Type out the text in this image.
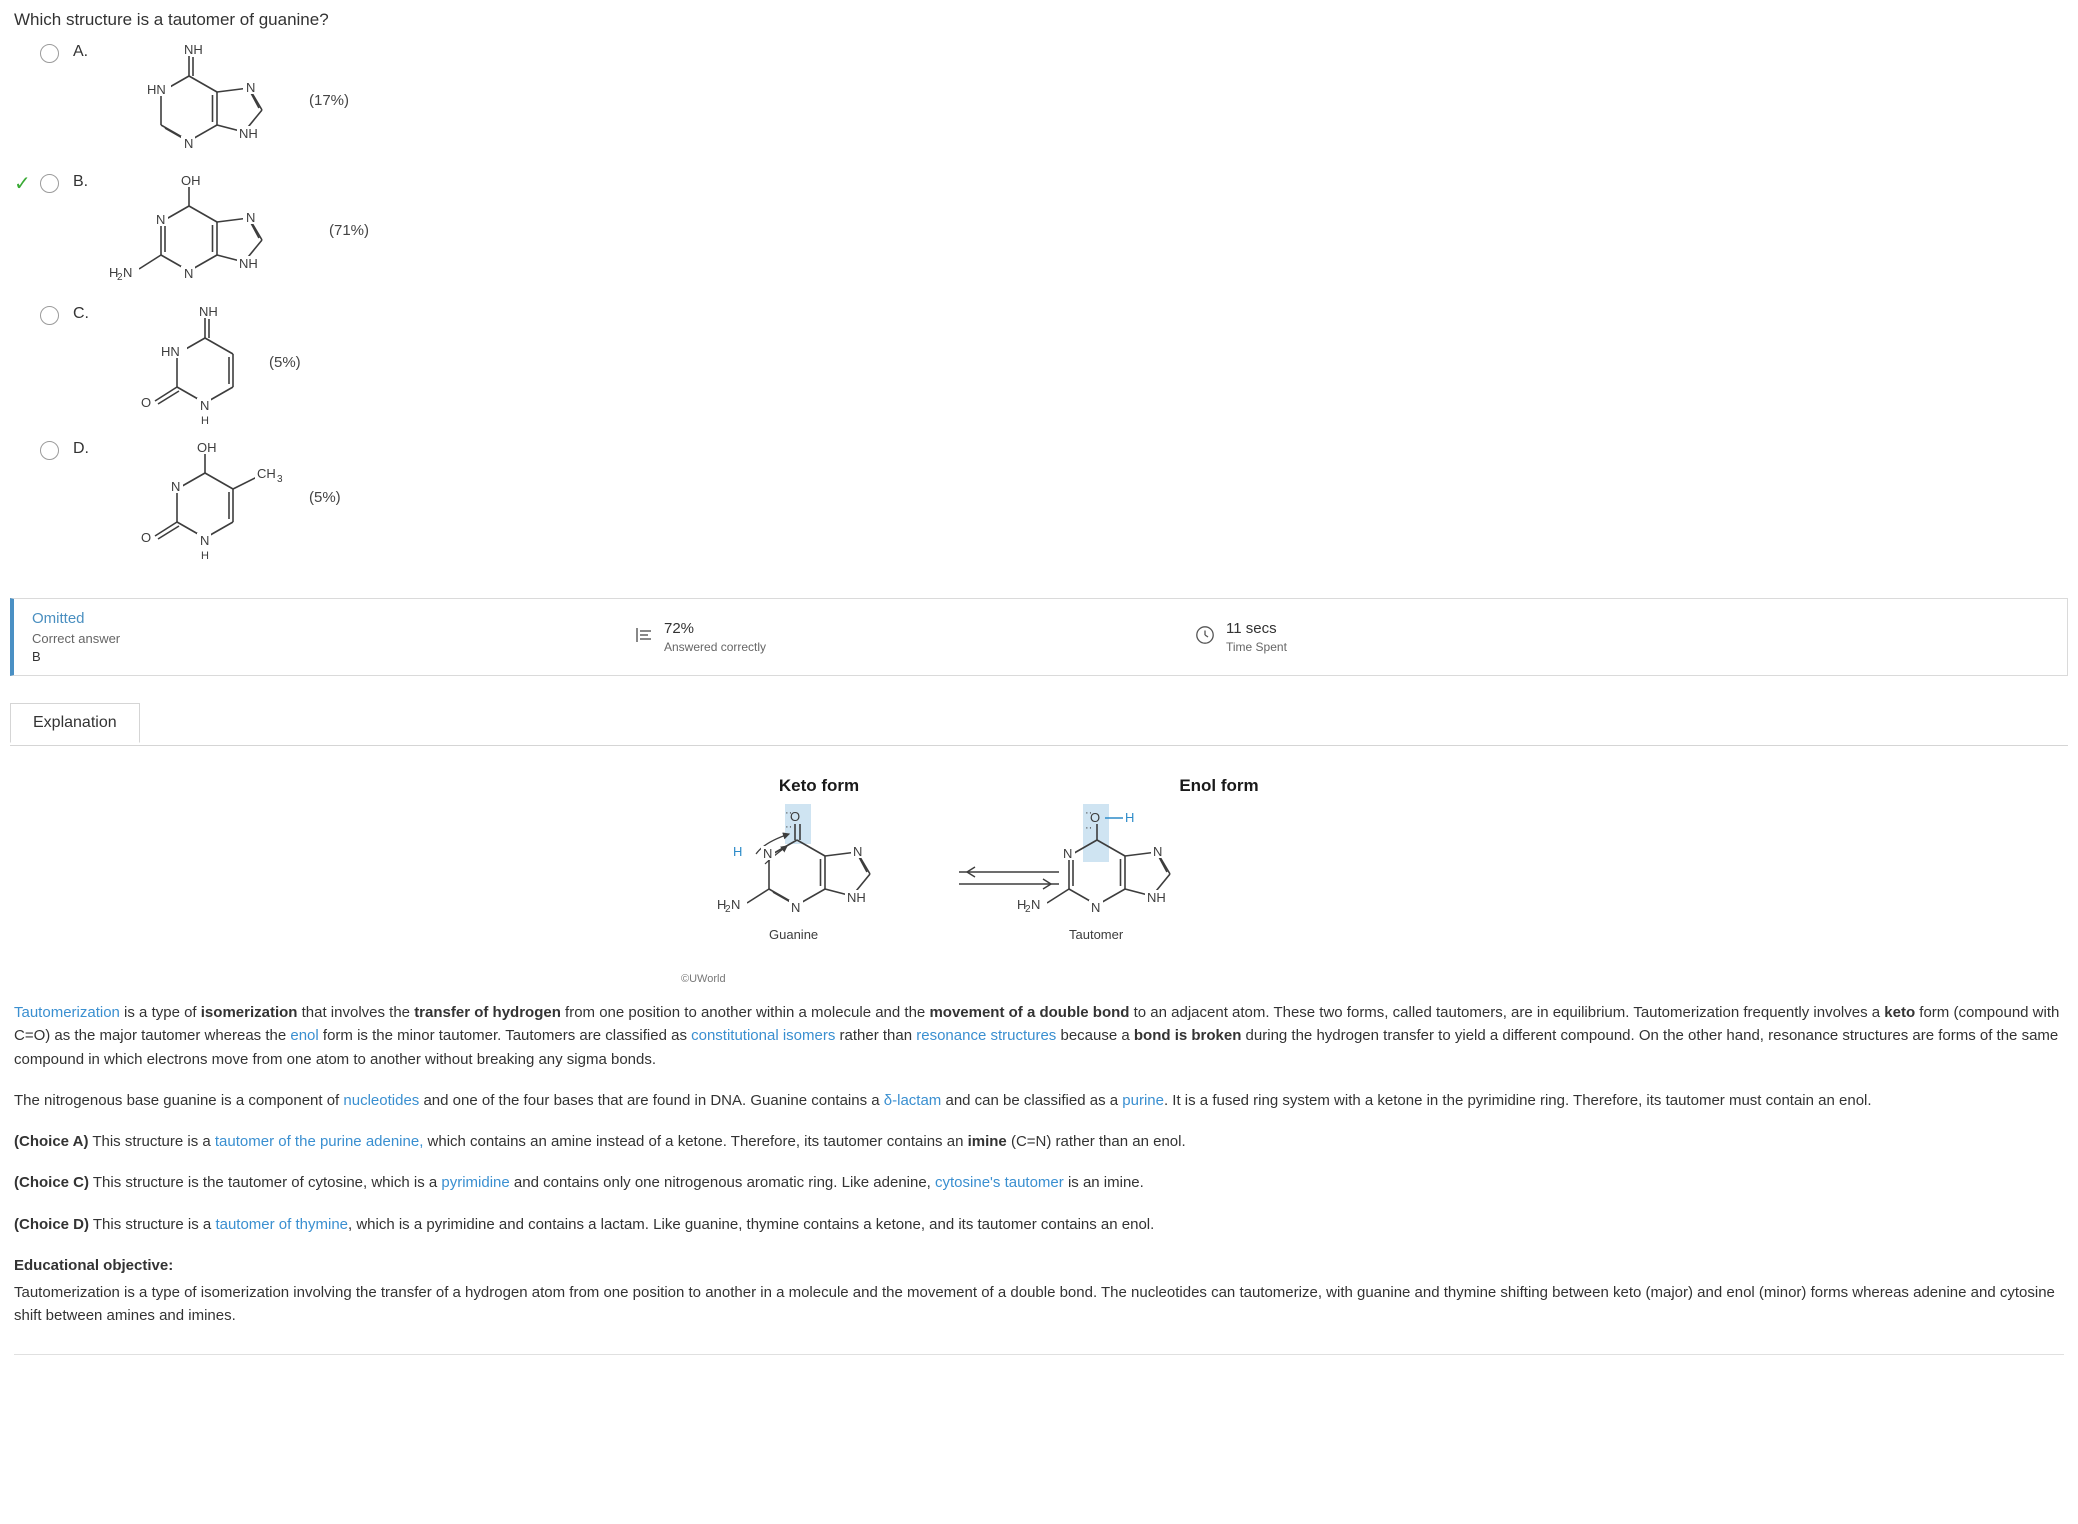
Which structure is a tautomer of guanine?
A.	NH
HN
N
N
NH
(17%)
✓	B.	OH
N
N
N
NH
H
2 N
(71%)
C.	NH
HN
N
H
O
(5%)
D.	OH
N
N
H
O
CH 3
(5%)
Omitted
Correct answer
B
72%
Answered correctly
11 secs
Time Spent
Explanation
Keto form	Enol form
O
··
··
N
N
N
NH
H
2 N
H
Guanine
O
··
··
H
N
N
N
NH
H
2 N
Tautomer
©UWorld

Tautomerization is a type of isomerization that involves the transfer of hydrogen from one position to another within a molecule and the movement of a double bond to an adjacent atom. These two forms, called tautomers, are in equilibrium. Tautomerization frequently involves a keto form (compound with C=O) as the major tautomer whereas the enol form is the minor tautomer. Tautomers are classified as constitutional isomers rather than resonance structures because a bond is broken during the hydrogen transfer to yield a different compound. On the other hand, resonance structures are forms of the same compound in which electrons move from one atom to another without breaking any sigma bonds.

The nitrogenous base guanine is a component of nucleotides and one of the four bases that are found in DNA. Guanine contains a δ-lactam and can be classified as a purine. It is a fused ring system with a ketone in the pyrimidine ring. Therefore, its tautomer must contain an enol.

(Choice A) This structure is a tautomer of the purine adenine, which contains an amine instead of a ketone. Therefore, its tautomer contains an imine (C=N) rather than an enol.

(Choice C) This structure is the tautomer of cytosine, which is a pyrimidine and contains only one nitrogenous aromatic ring. Like adenine, cytosine's tautomer is an imine.

(Choice D) This structure is a tautomer of thymine, which is a pyrimidine and contains a lactam. Like guanine, thymine contains a ketone, and its tautomer contains an enol.

Educational objective:

Tautomerization is a type of isomerization involving the transfer of a hydrogen atom from one position to another in a molecule and the movement of a double bond. The nucleotides can tautomerize, with guanine and thymine shifting between keto (major) and enol (minor) forms whereas adenine and cytosine shift between amines and imines.
